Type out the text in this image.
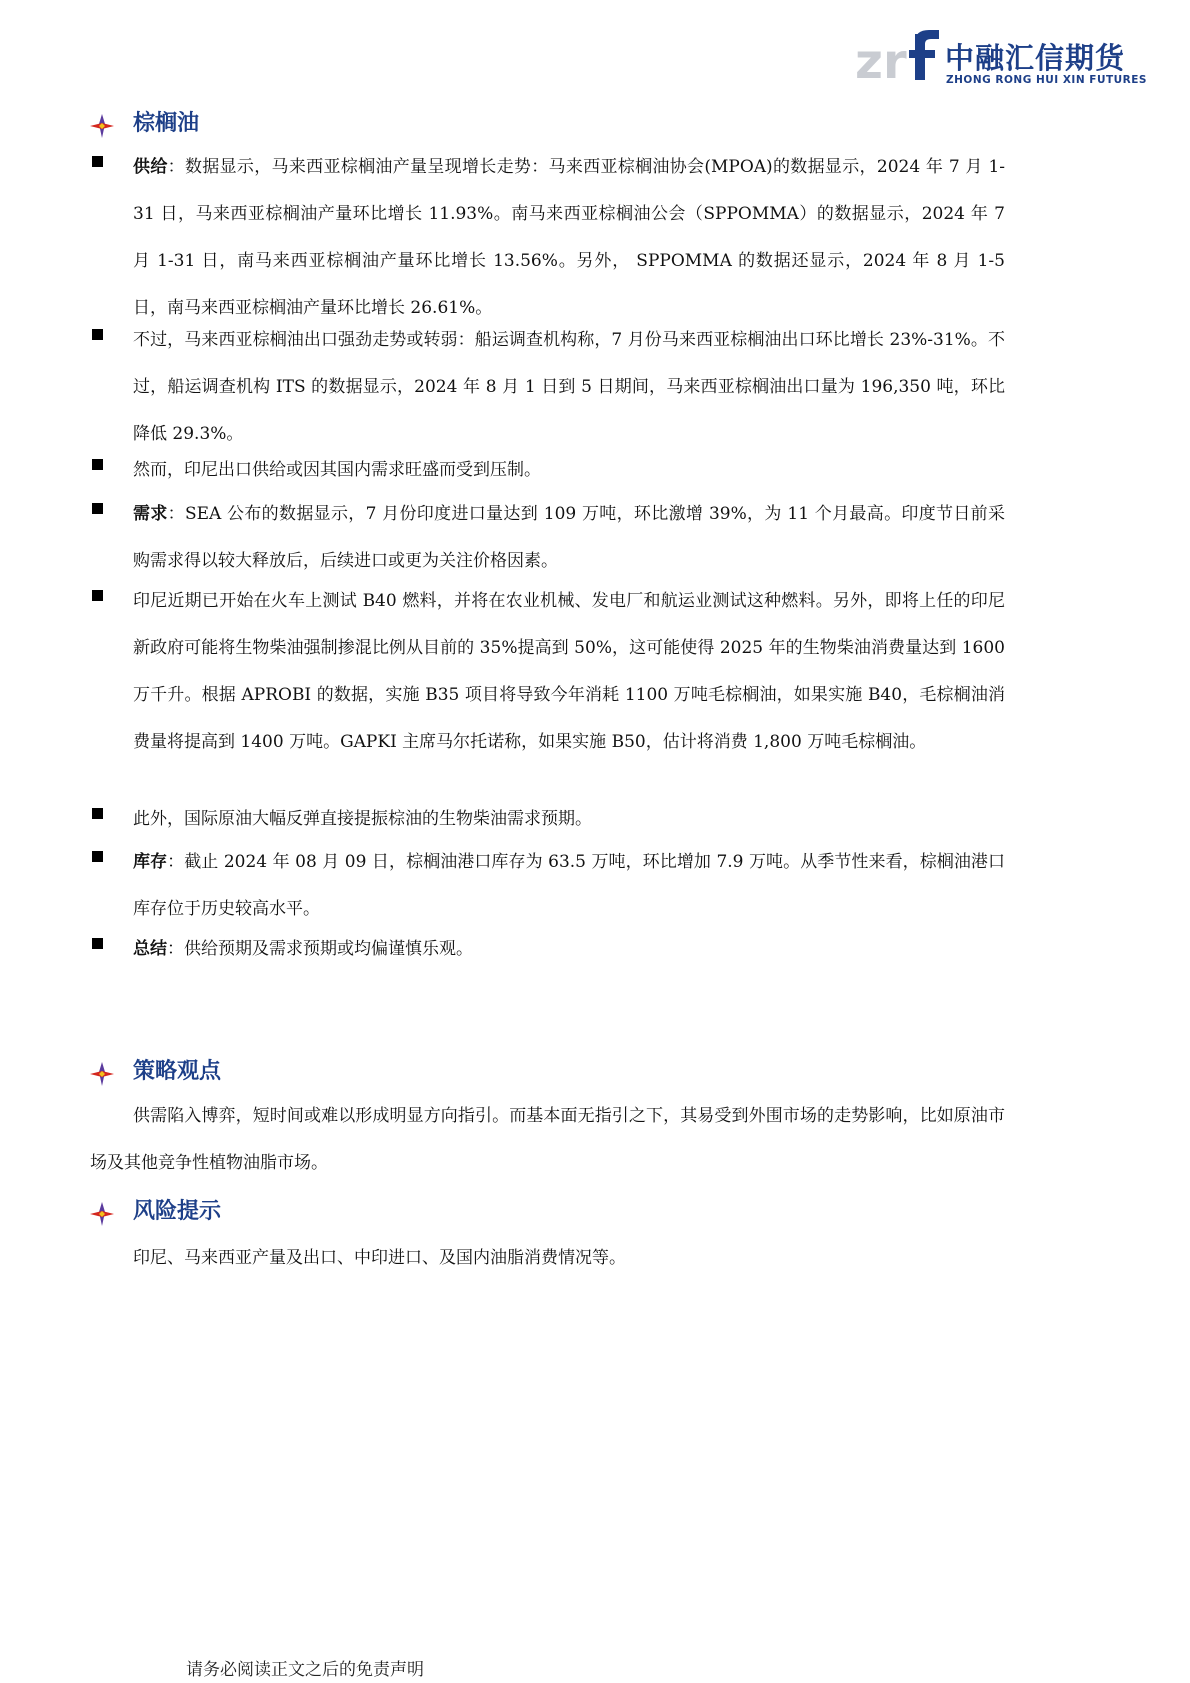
zr 中融汇信期货
ZHONG RONG HUI XIN FUTURES
棕榈油
供给：数据显示，马来西亚棕榈油产量呈现增长走势：马来西亚棕榈油协会(MPOA)的数据显示，2024 年 7 月 1-31 日，马来西亚棕榈油产量环比增长 11.93%。南马来西亚棕榈油公会（SPPOMMA）的数据显示，2024 年 7 月 1-31 日，南马来西亚棕榈油产量环比增长 13.56%。另外， SPPOMMA 的数据还显示，2024 年 8 月 1-5 日，南马来西亚棕榈油产量环比增长 26.61%。
不过，马来西亚棕榈油出口强劲走势或转弱：船运调查机构称，7 月份马来西亚棕榈油出口环比增长 23%-31%。不过，船运调查机构 ITS 的数据显示，2024 年 8 月 1 日到 5 日期间，马来西亚棕榈油出口量为 196,350 吨，环比降低 29.3%。
然而，印尼出口供给或因其国内需求旺盛而受到压制。
需求：SEA 公布的数据显示，7 月份印度进口量达到 109 万吨，环比激增 39%，为 11 个月最高。印度节日前采购需求得以较大释放后，后续进口或更为关注价格因素。
印尼近期已开始在火车上测试 B40 燃料，并将在农业机械、发电厂和航运业测试这种燃料。另外，即将上任的印尼新政府可能将生物柴油强制掺混比例从目前的 35%提高到 50%，这可能使得 2025 年的生物柴油消费量达到 1600 万千升。根据 APROBI 的数据，实施 B35 项目将导致今年消耗 1100 万吨毛棕榈油，如果实施 B40，毛棕榈油消费量将提高到 1400 万吨。GAPKI 主席马尔托诺称，如果实施 B50，估计将消费 1,800 万吨毛棕榈油。
此外，国际原油大幅反弹直接提振棕油的生物柴油需求预期。
库存：截止 2024 年 08 月 09 日，棕榈油港口库存为 63.5 万吨，环比增加 7.9 万吨。从季节性来看，棕榈油港口库存位于历史较高水平。
总结：供给预期及需求预期或均偏谨慎乐观。
策略观点
供需陷入博弈，短时间或难以形成明显方向指引。而基本面无指引之下，其易受到外围市场的走势影响，比如原油市场及其他竞争性植物油脂市场。
风险提示
印尼、马来西亚产量及出口、中印进口、及国内油脂消费情况等。
请务必阅读正文之后的免责声明
